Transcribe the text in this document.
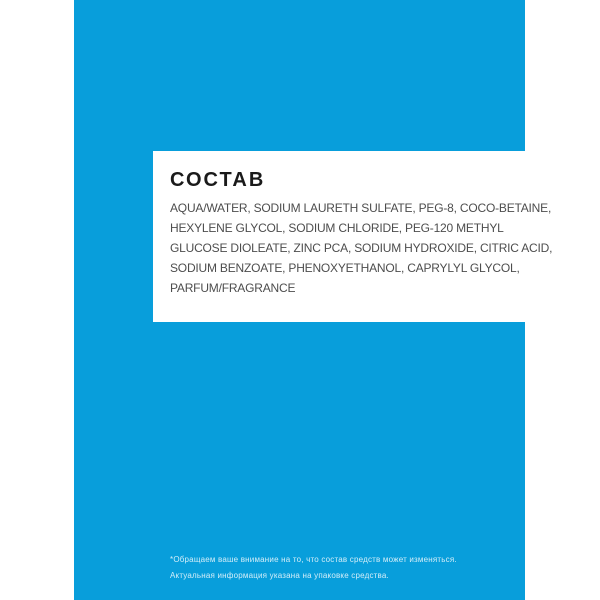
СОСТАВ
AQUA/WATER, SODIUM LAURETH SULFATE, PEG-8, COCO-BETAINE,
HEXYLENE GLYCOL, SODIUM CHLORIDE, PEG-120 METHYL
GLUCOSE DIOLEATE, ZINC PCA, SODIUM HYDROXIDE, CITRIC ACID,
SODIUM BENZOATE, PHENOXYETHANOL, CAPRYLYL GLYCOL,
PARFUM/FRAGRANCE
*Обращаем ваше внимание на то, что состав средств может изменяться.
Актуальная информация указана на упаковке средства.
